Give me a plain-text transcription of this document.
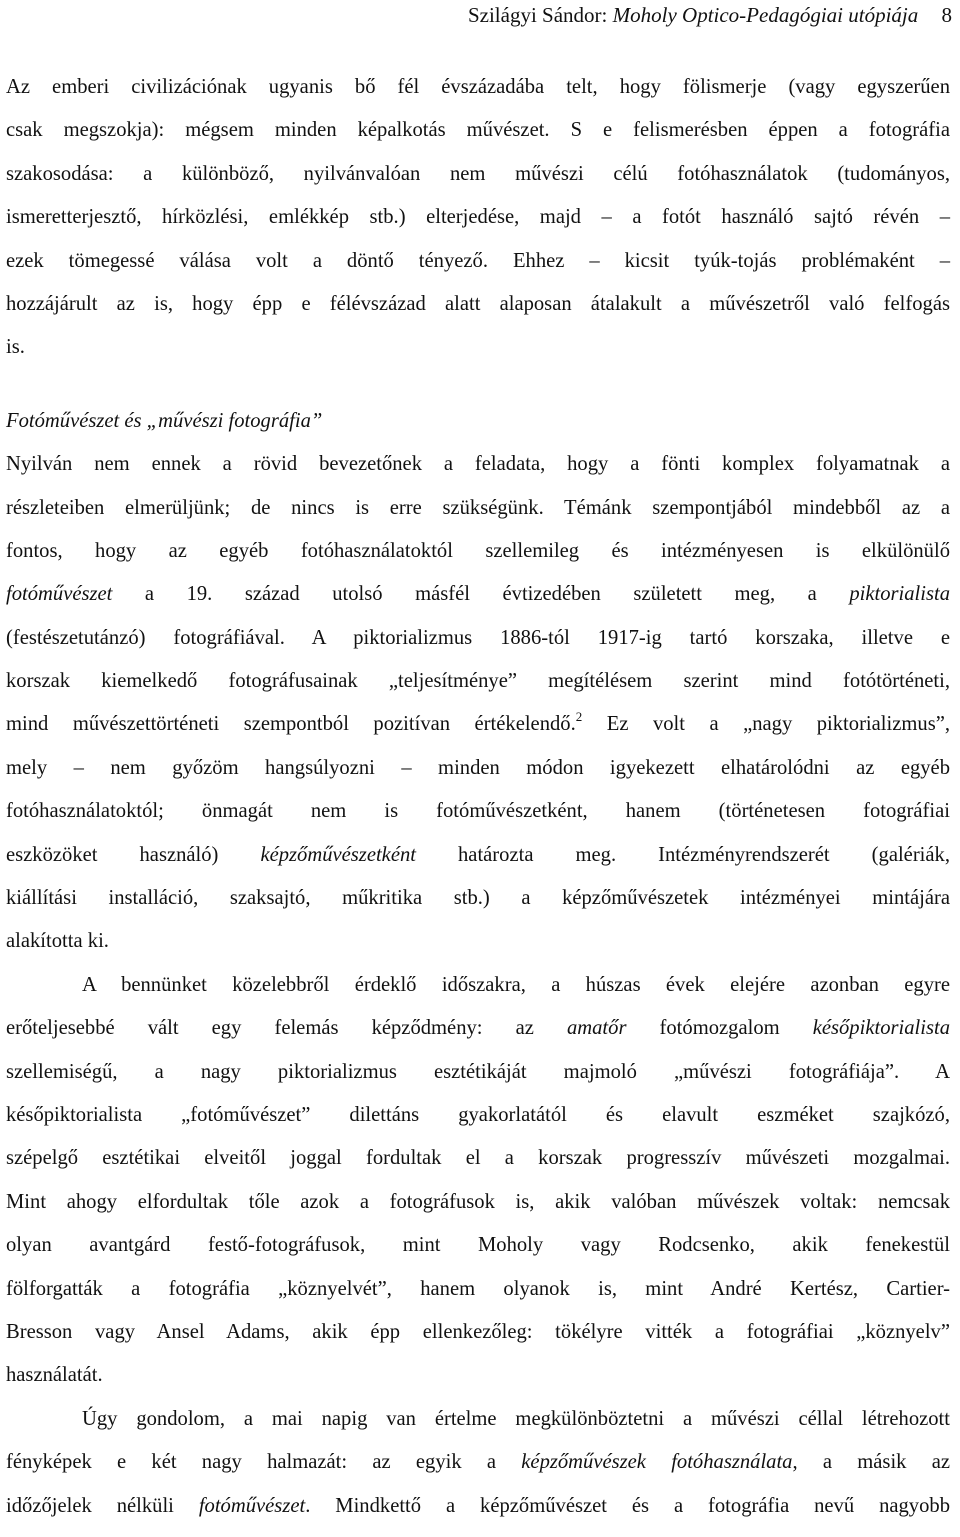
Szilágyi Sándor: Moholy Optico-Pedagógiai utópiája 8
Az emberi civilizációnak ugyanis bő fél évszázadába telt, hogy fölismerje (vagy egyszerűen
csak megszokja): mégsem minden képalkotás művészet. S e felismerésben éppen a fotográfia
szakosodása: a különböző, nyilvánvalóan nem művészi célú fotóhasználatok (tudományos,
ismeretterjesztő, hírközlési, emlékkép stb.) elterjedése, majd – a fotót használó sajtó révén –
ezek tömegessé válása volt a döntő tényező. Ehhez – kicsit tyúk-tojás problémaként –
hozzájárult az is, hogy épp e félévszázad alatt alaposan átalakult a művészetről való felfogás
is.
Fotóművészet és „művészi fotográfia”
Nyilván nem ennek a rövid bevezetőnek a feladata, hogy a fönti komplex folyamatnak a
részleteiben elmerüljünk; de nincs is erre szükségünk. Témánk szempontjából mindebből az a
fontos, hogy az egyéb fotóhasználatoktól szellemileg és intézményesen is elkülönülő
fotóművészet a 19. század utolsó másfél évtizedében született meg, a piktorialista
(festészetutánzó) fotográfiával. A piktorializmus 1886-tól 1917-ig tartó korszaka, illetve e
korszak kiemelkedő fotográfusainak „teljesítménye” megítélésem szerint mind fotótörténeti,
mind művészettörténeti szempontból pozitívan értékelendő.$^2$ Ez volt a „nagy piktorializmus”,
mely – nem győzöm hangsúlyozni – minden módon igyekezett elhatárolódni az egyéb
fotóhasználatoktól; önmagát nem is fotóművészetként, hanem (történetesen fotográfiai
eszközöket használó) képzőművészetként határozta meg. Intézményrendszerét (galériák,
kiállítási installáció, szaksajtó, műkritika stb.) a képzőművészetek intézményei mintájára
alakította ki.
A bennünket közelebbről érdeklő időszakra, a húszas évek elejére azonban egyre
erőteljesebbé vált egy felemás képződmény: az amatőr fotómozgalom későpiktorialista
szellemiségű, a nagy piktorializmus esztétikáját majmoló „művészi fotográfiája”. A
későpiktorialista „fotóművészet” dilettáns gyakorlatától és elavult eszméket szajkózó,
szépelgő esztétikai elveitől joggal fordultak el a korszak progresszív művészeti mozgalmai.
Mint ahogy elfordultak tőle azok a fotográfusok is, akik valóban művészek voltak: nemcsak
olyan avantgárd festő-fotográfusok, mint Moholy vagy Rodcsenko, akik fenekestül
fölforgatták a fotográfia „köznyelvét”, hanem olyanok is, mint André Kertész, Cartier-
Bresson vagy Ansel Adams, akik épp ellenkezőleg: tökélyre vitték a fotográfiai „köznyelv”
használatát.
Úgy gondolom, a mai napig van értelme megkülönböztetni a művészi céllal létrehozott
fényképek e két nagy halmazát: az egyik a képzőművészek fotóhasználata, a másik az
időzőjelek nélküli fotóművészet. Mindkettő a képzőművészet és a fotográfia nevű nagyobb
